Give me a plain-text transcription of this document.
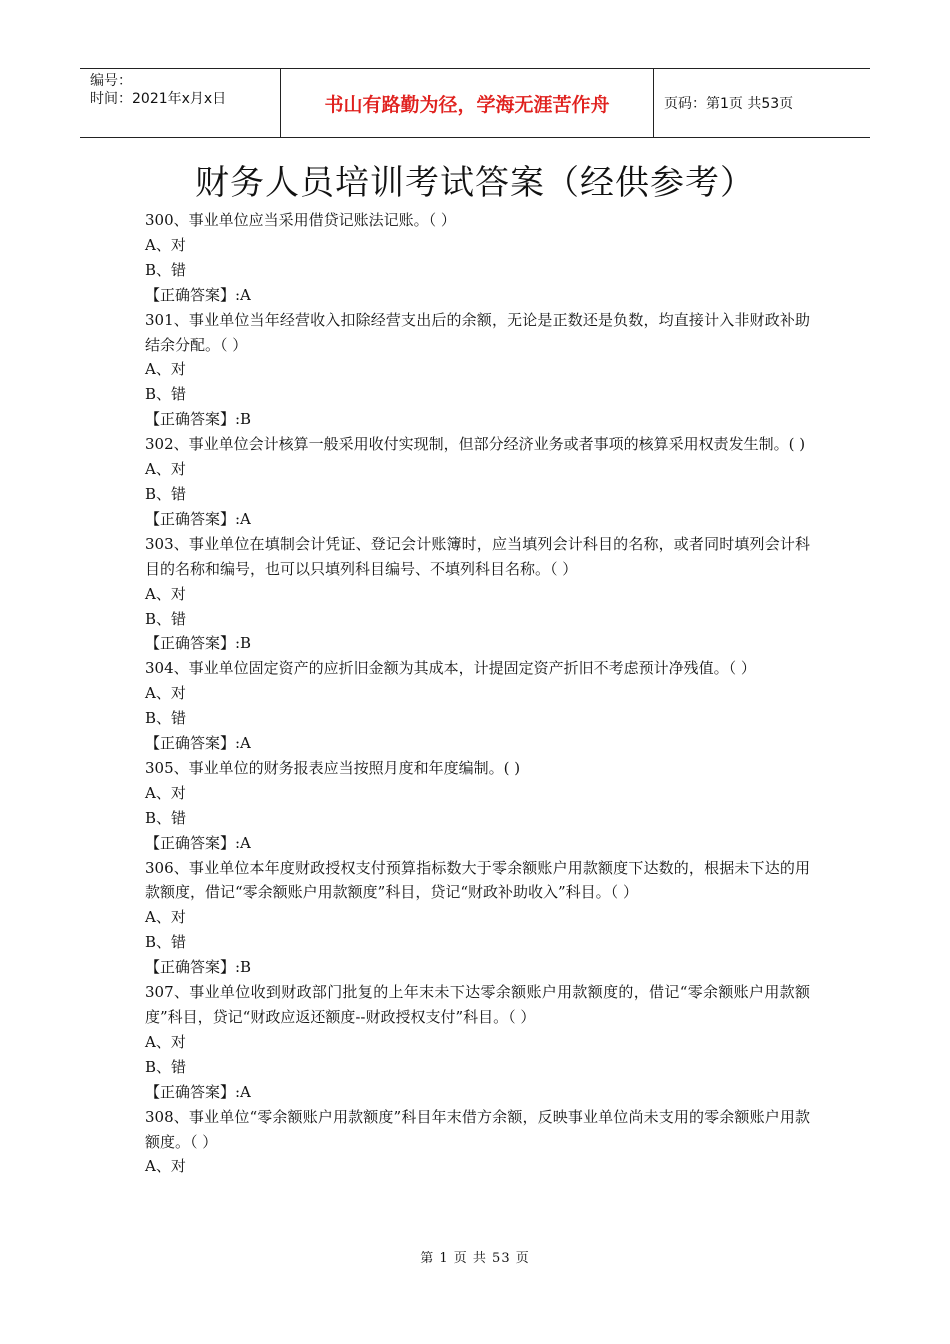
编号：
时间：2021年x月x日	书山有路勤为径，学海无涯苦作舟	页码：第1页 共53页
财务人员培训考试答案（经供参考）
300、事业单位应当采用借贷记账法记账。（ ）
A、对
B、错
【正确答案】:A
301、事业单位当年经营收入扣除经营支出后的余额，无论是正数还是负数，均直接计入非财政补助结余分配。（ ）
A、对
B、错
【正确答案】:B
302、事业单位会计核算一般采用收付实现制，但部分经济业务或者事项的核算采用权责发生制。( )
A、对
B、错
【正确答案】:A
303、事业单位在填制会计凭证、登记会计账簿时，应当填列会计科目的名称，或者同时填列会计科目的名称和编号，也可以只填列科目编号、不填列科目名称。（ ）
A、对
B、错
【正确答案】:B
304、事业单位固定资产的应折旧金额为其成本，计提固定资产折旧不考虑预计净残值。（ ）
A、对
B、错
【正确答案】:A
305、事业单位的财务报表应当按照月度和年度编制。( )
A、对
B、错
【正确答案】:A
306、事业单位本年度财政授权支付预算指标数大于零余额账户用款额度下达数的，根据未下达的用款额度，借记“零余额账户用款额度”科目，贷记“财政补助收入”科目。（ ）
A、对
B、错
【正确答案】:B
307、事业单位收到财政部门批复的上年末未下达零余额账户用款额度的，借记“零余额账户用款额度”科目，贷记“财政应返还额度--财政授权支付”科目。（ ）
A、对
B、错
【正确答案】:A
308、事业单位“零余额账户用款额度”科目年末借方余额，反映事业单位尚未支用的零余额账户用款额度。（ ）
A、对
第 1 页 共 53 页
